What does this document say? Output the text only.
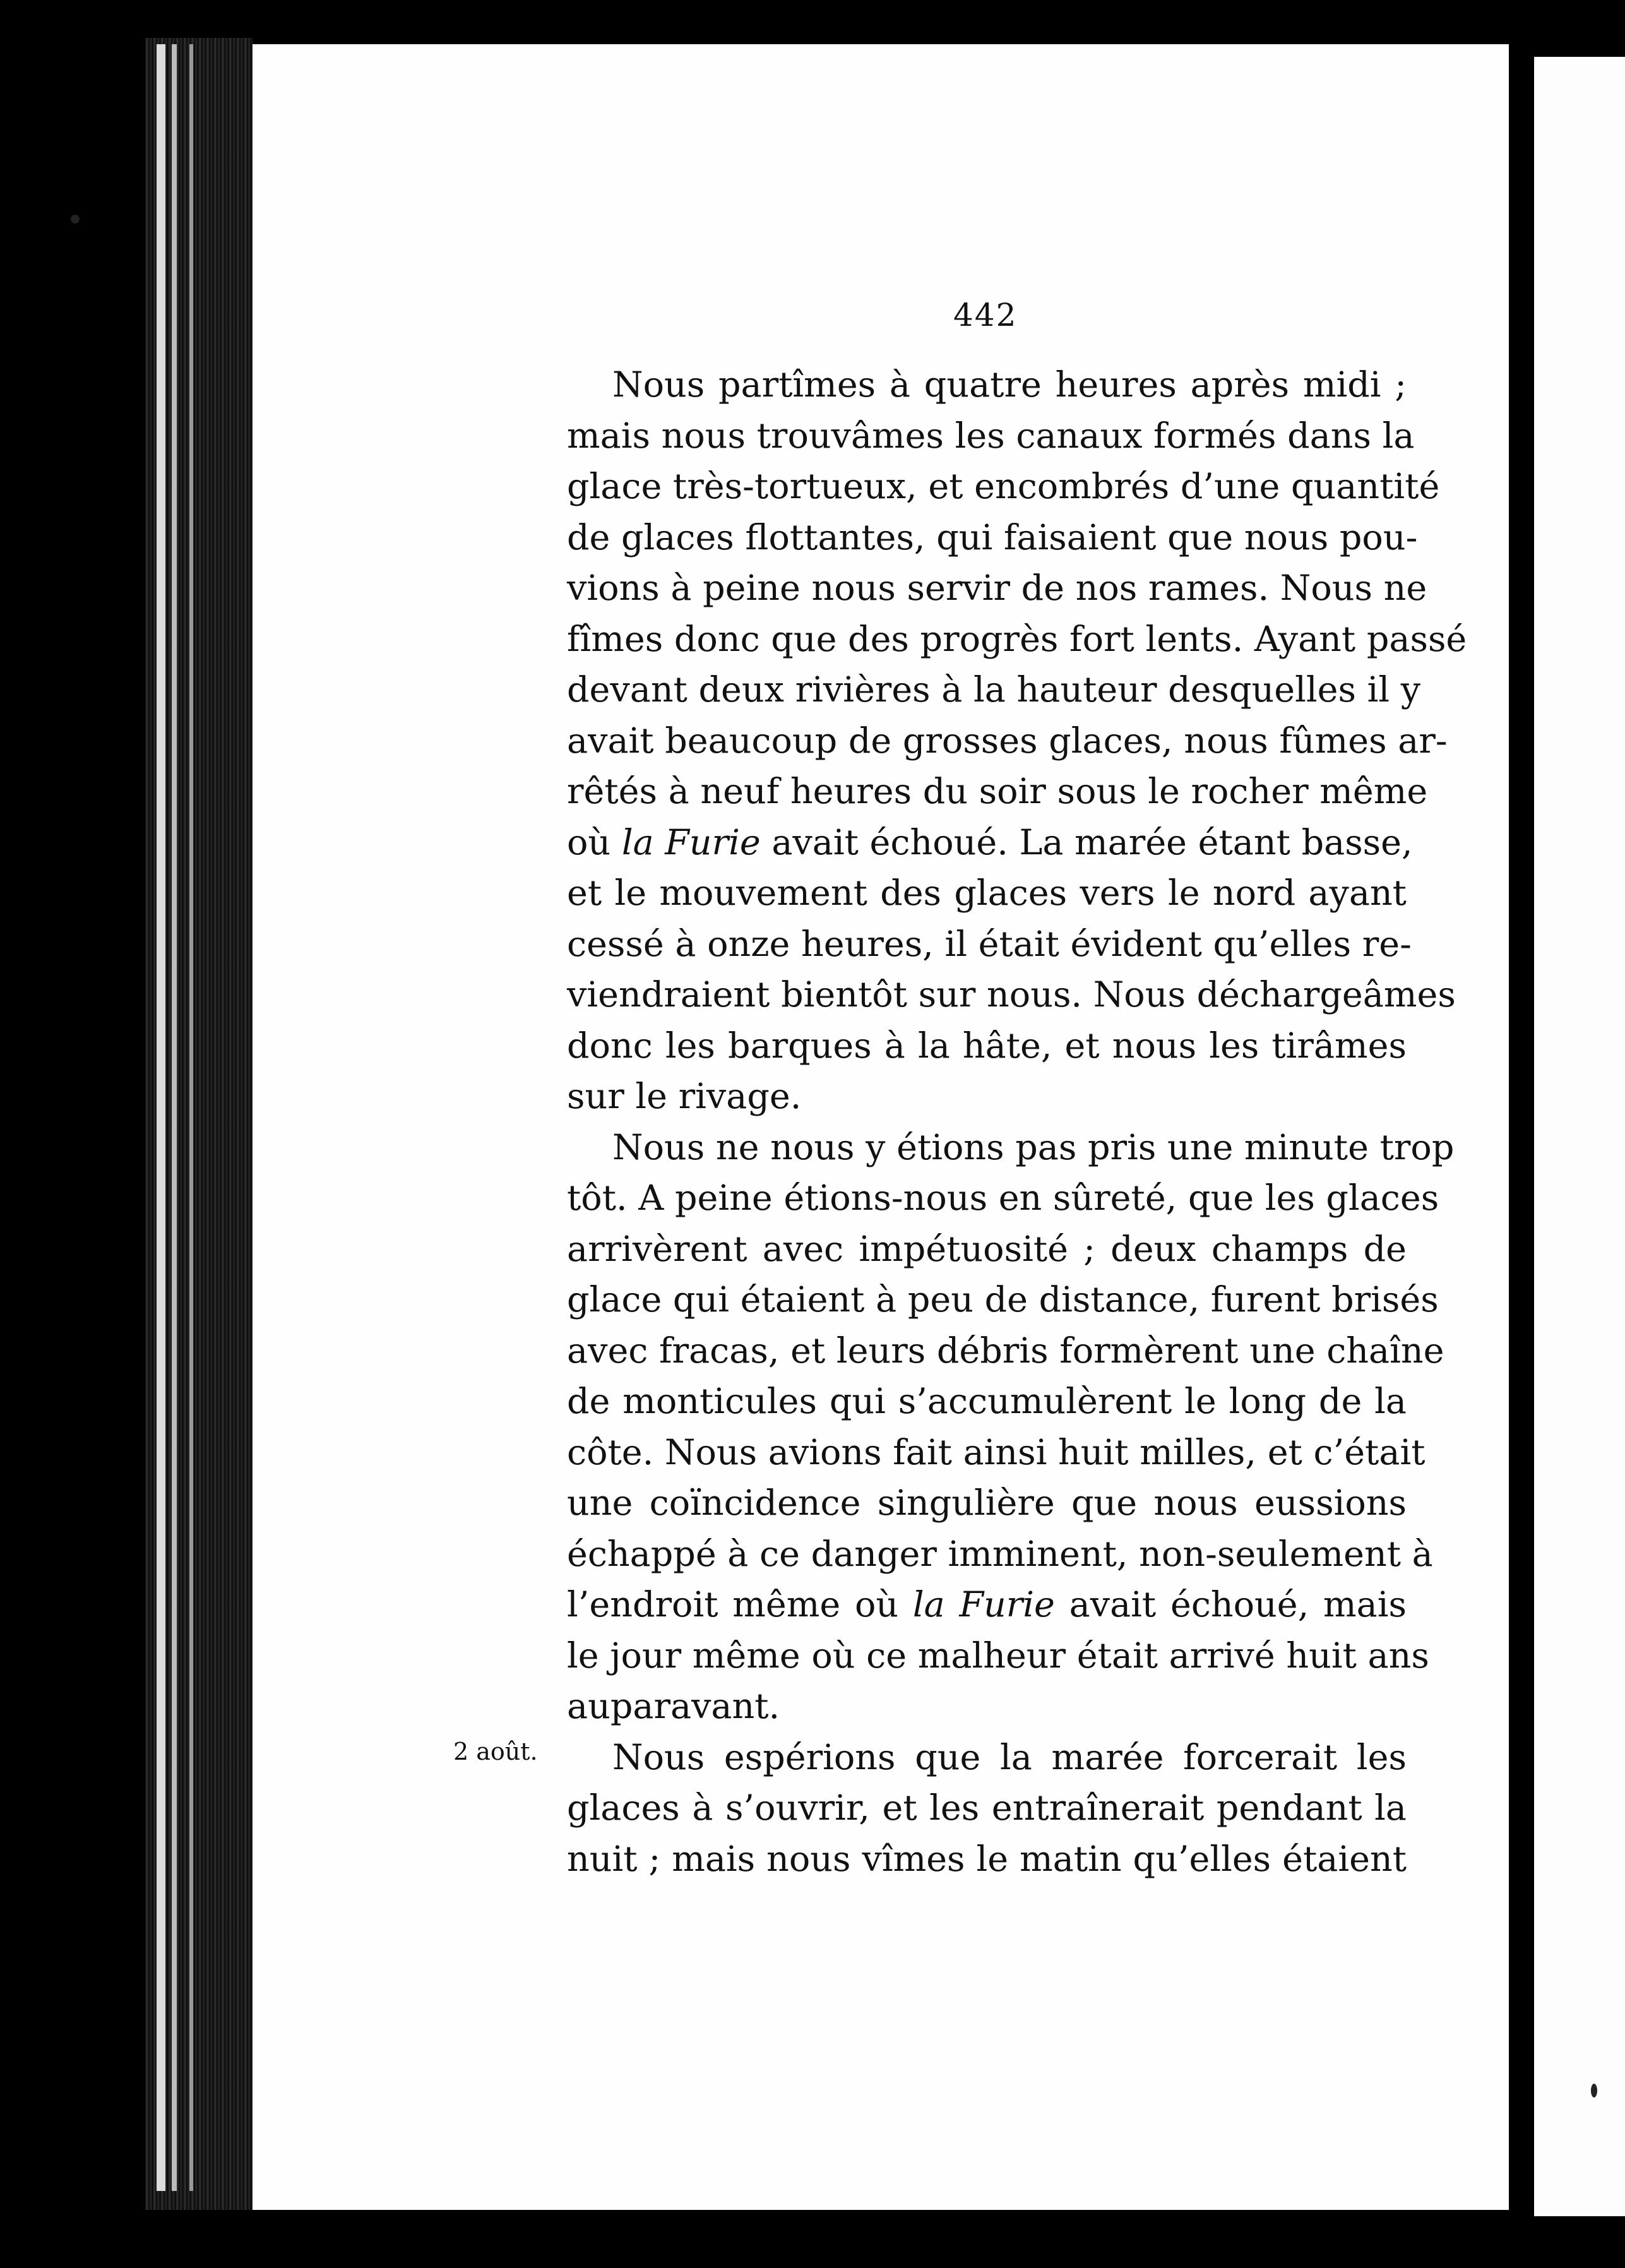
442
2 août.
Nous partîmes à quatre heures après midi ;
mais nous trouvâmes les canaux formés dans la
glace très-tortueux, et encombrés d’une quantité
de glaces flottantes, qui faisaient que nous pou-
vions à peine nous servir de nos rames. Nous ne
fîmes donc que des progrès fort lents. Ayant passé
devant deux rivières à la hauteur desquelles il y
avait beaucoup de grosses glaces, nous fûmes ar-
rêtés à neuf heures du soir sous le rocher même
où la Furie avait échoué. La marée étant basse,
et le mouvement des glaces vers le nord ayant
cessé à onze heures, il était évident qu’elles re-
viendraient bientôt sur nous. Nous déchargeâmes
donc les barques à la hâte, et nous les tirâmes
sur le rivage.
Nous ne nous y étions pas pris une minute trop
tôt. A peine étions-nous en sûreté, que les glaces
arrivèrent avec impétuosité ; deux champs de
glace qui étaient à peu de distance, furent brisés
avec fracas, et leurs débris formèrent une chaîne
de monticules qui s’accumulèrent le long de la
côte. Nous avions fait ainsi huit milles, et c’était
une coïncidence singulière que nous eussions
échappé à ce danger imminent, non-seulement à
l’endroit même où la Furie avait échoué, mais
le jour même où ce malheur était arrivé huit ans
auparavant.
Nous espérions que la marée forcerait les
glaces à s’ouvrir, et les entraînerait pendant la
nuit ; mais nous vîmes le matin qu’elles étaient
